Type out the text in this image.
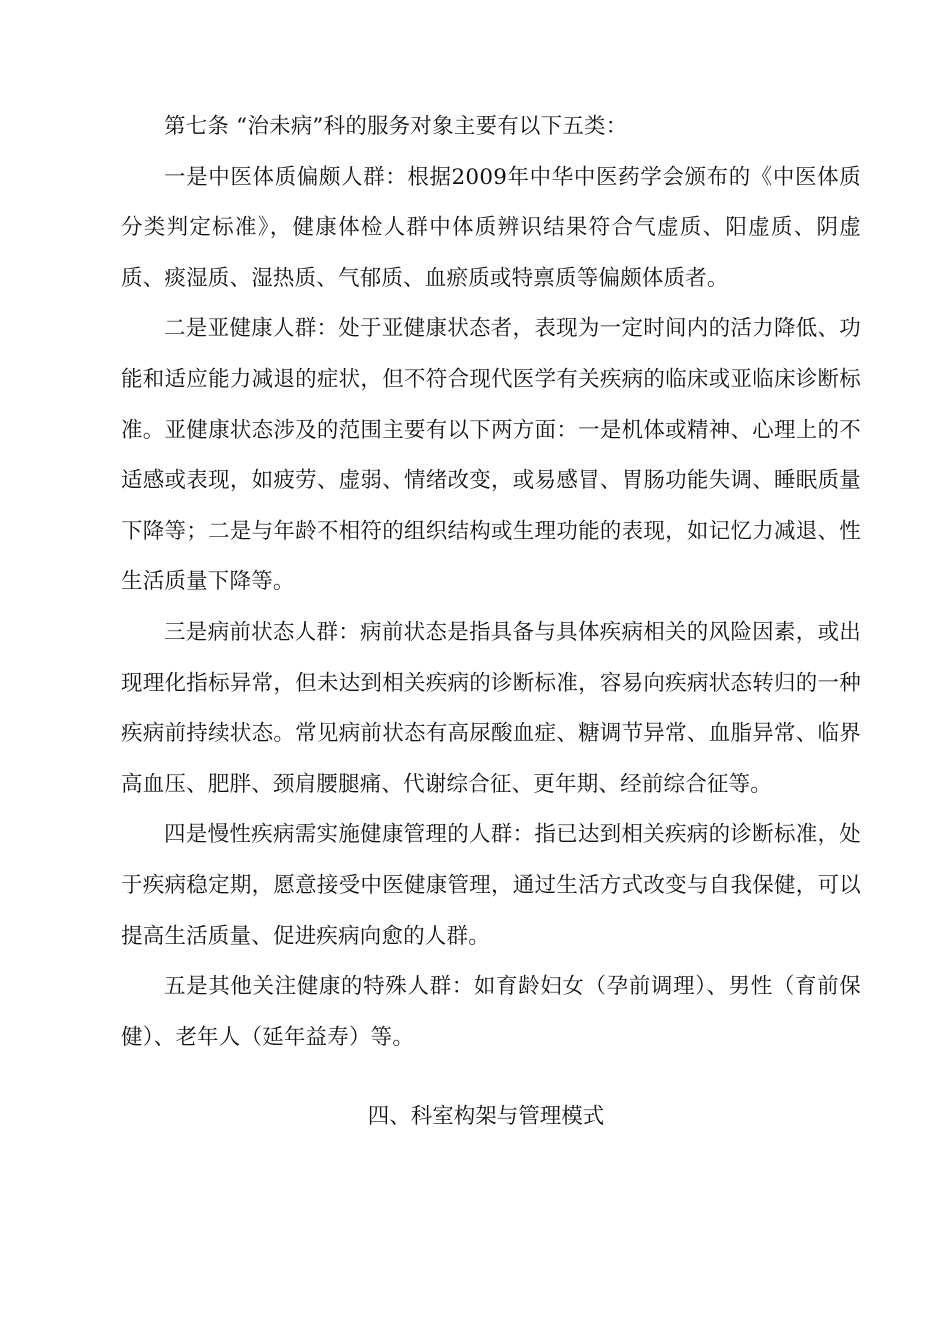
第七条 “治未病”科的服务对象主要有以下五类：

一是中医体质偏颇人群：根据2009年中华中医药学会颁布的《中医体质分类判定标准》，健康体检人群中体质辨识结果符合气虚质、阳虚质、阴虚质、痰湿质、湿热质、气郁质、血瘀质或特禀质等偏颇体质者。

二是亚健康人群：处于亚健康状态者，表现为一定时间内的活力降低、功能和适应能力减退的症状，但不符合现代医学有关疾病的临床或亚临床诊断标准。亚健康状态涉及的范围主要有以下两方面：一是机体或精神、心理上的不适感或表现，如疲劳、虚弱、情绪改变，或易感冒、胃肠功能失调、睡眠质量下降等；二是与年龄不相符的组织结构或生理功能的表现，如记忆力减退、性生活质量下降等。

三是病前状态人群：病前状态是指具备与具体疾病相关的风险因素，或出现理化指标异常，但未达到相关疾病的诊断标准，容易向疾病状态转归的一种疾病前持续状态。常见病前状态有高尿酸血症、糖调节异常、血脂异常、临界高血压、肥胖、颈肩腰腿痛、代谢综合征、更年期、经前综合征等。

四是慢性疾病需实施健康管理的人群：指已达到相关疾病的诊断标准，处于疾病稳定期，愿意接受中医健康管理，通过生活方式改变与自我保健，可以提高生活质量、促进疾病向愈的人群。

五是其他关注健康的特殊人群：如育龄妇女（孕前调理）、男性（育前保健）、老年人（延年益寿）等。

四、科室构架与管理模式
